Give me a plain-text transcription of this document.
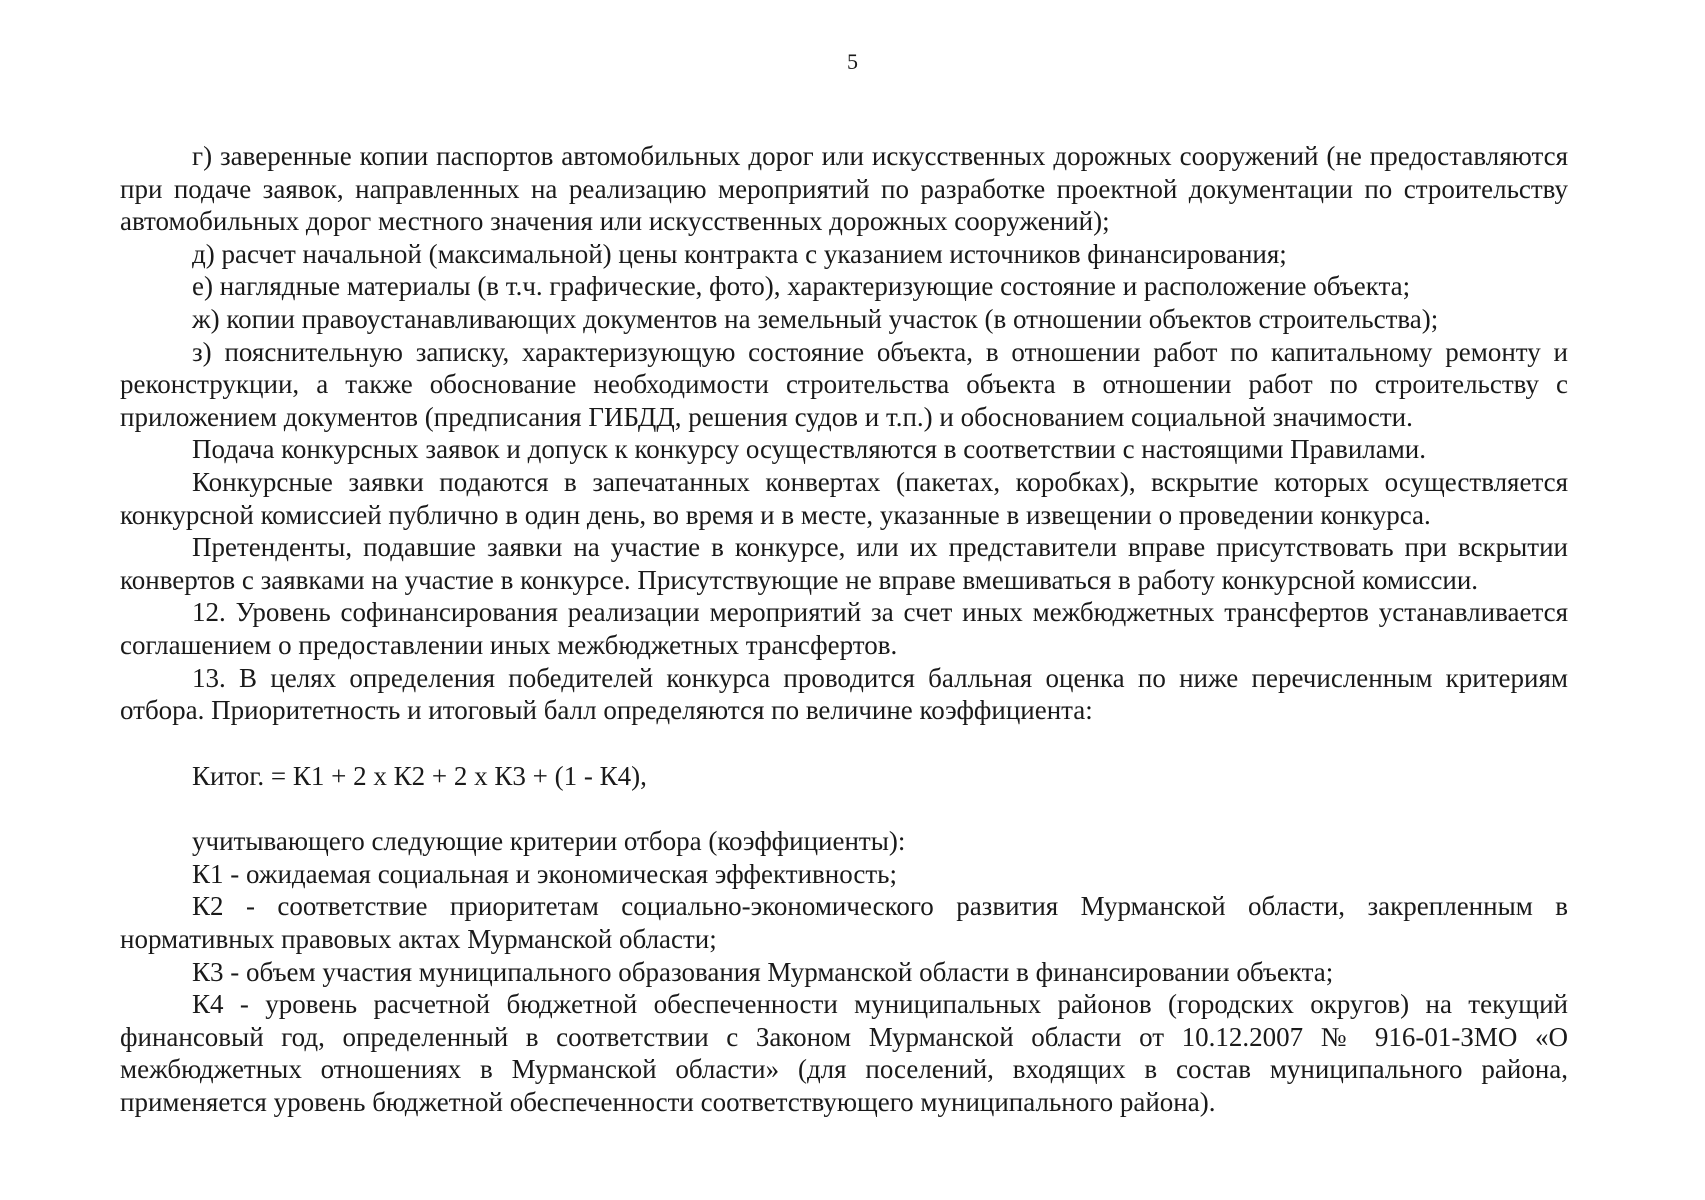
5

г) заверенные копии паспортов автомобильных дорог или искусственных дорожных сооружений (не предоставляются при подаче заявок, направленных на реализацию мероприятий по разработке проектной документации по строительству автомобильных дорог местного значения или искусственных дорожных сооружений);

д) расчет начальной (максимальной) цены контракта с указанием источников финансирования;

е) наглядные материалы (в т.ч. графические, фото), характеризующие состояние и расположение объекта;

ж) копии правоустанавливающих документов на земельный участок (в отношении объектов строительства);

з) пояснительную записку, характеризующую состояние объекта, в отношении работ по капитальному ремонту и реконструкции, а также обоснование необходимости строительства объекта в отношении работ по строительству с приложением документов (предписания ГИБДД, решения судов и т.п.) и обоснованием социальной значимости.

Подача конкурсных заявок и допуск к конкурсу осуществляются в соответствии с настоящими Правилами.

Конкурсные заявки подаются в запечатанных конвертах (пакетах, коробках), вскрытие которых осуществляется конкурсной комиссией публично в один день, во время и в месте, указанные в извещении о проведении конкурса.

Претенденты, подавшие заявки на участие в конкурсе, или их представители вправе присутствовать при вскрытии конвертов с заявками на участие в конкурсе. Присутствующие не вправе вмешиваться в работу конкурсной комиссии.

12. Уровень софинансирования реализации мероприятий за счет иных межбюджетных трансфертов устанавливается соглашением о предоставлении иных межбюджетных трансфертов.

13. В целях определения победителей конкурса проводится балльная оценка по ниже перечисленным критериям отбора. Приоритетность и итоговый балл определяются по величине коэффициента:

Китог. = К1 + 2 х К2 + 2 х К3 + (1 - К4),

учитывающего следующие критерии отбора (коэффициенты):

К1 - ожидаемая социальная и экономическая эффективность;

К2 - соответствие приоритетам социально-экономического развития Мурманской области, закрепленным в нормативных правовых актах Мурманской области;

К3 - объем участия муниципального образования Мурманской области в финансировании объекта;

К4 - уровень расчетной бюджетной обеспеченности муниципальных районов (городских округов) на текущий финансовый год, определенный в соответствии с Законом Мурманской области от 10.12.2007 № 916-01-ЗМО «О межбюджетных отношениях в Мурманской области» (для поселений, входящих в состав муниципального района, применяется уровень бюджетной обеспеченности соответствующего муниципального района).
